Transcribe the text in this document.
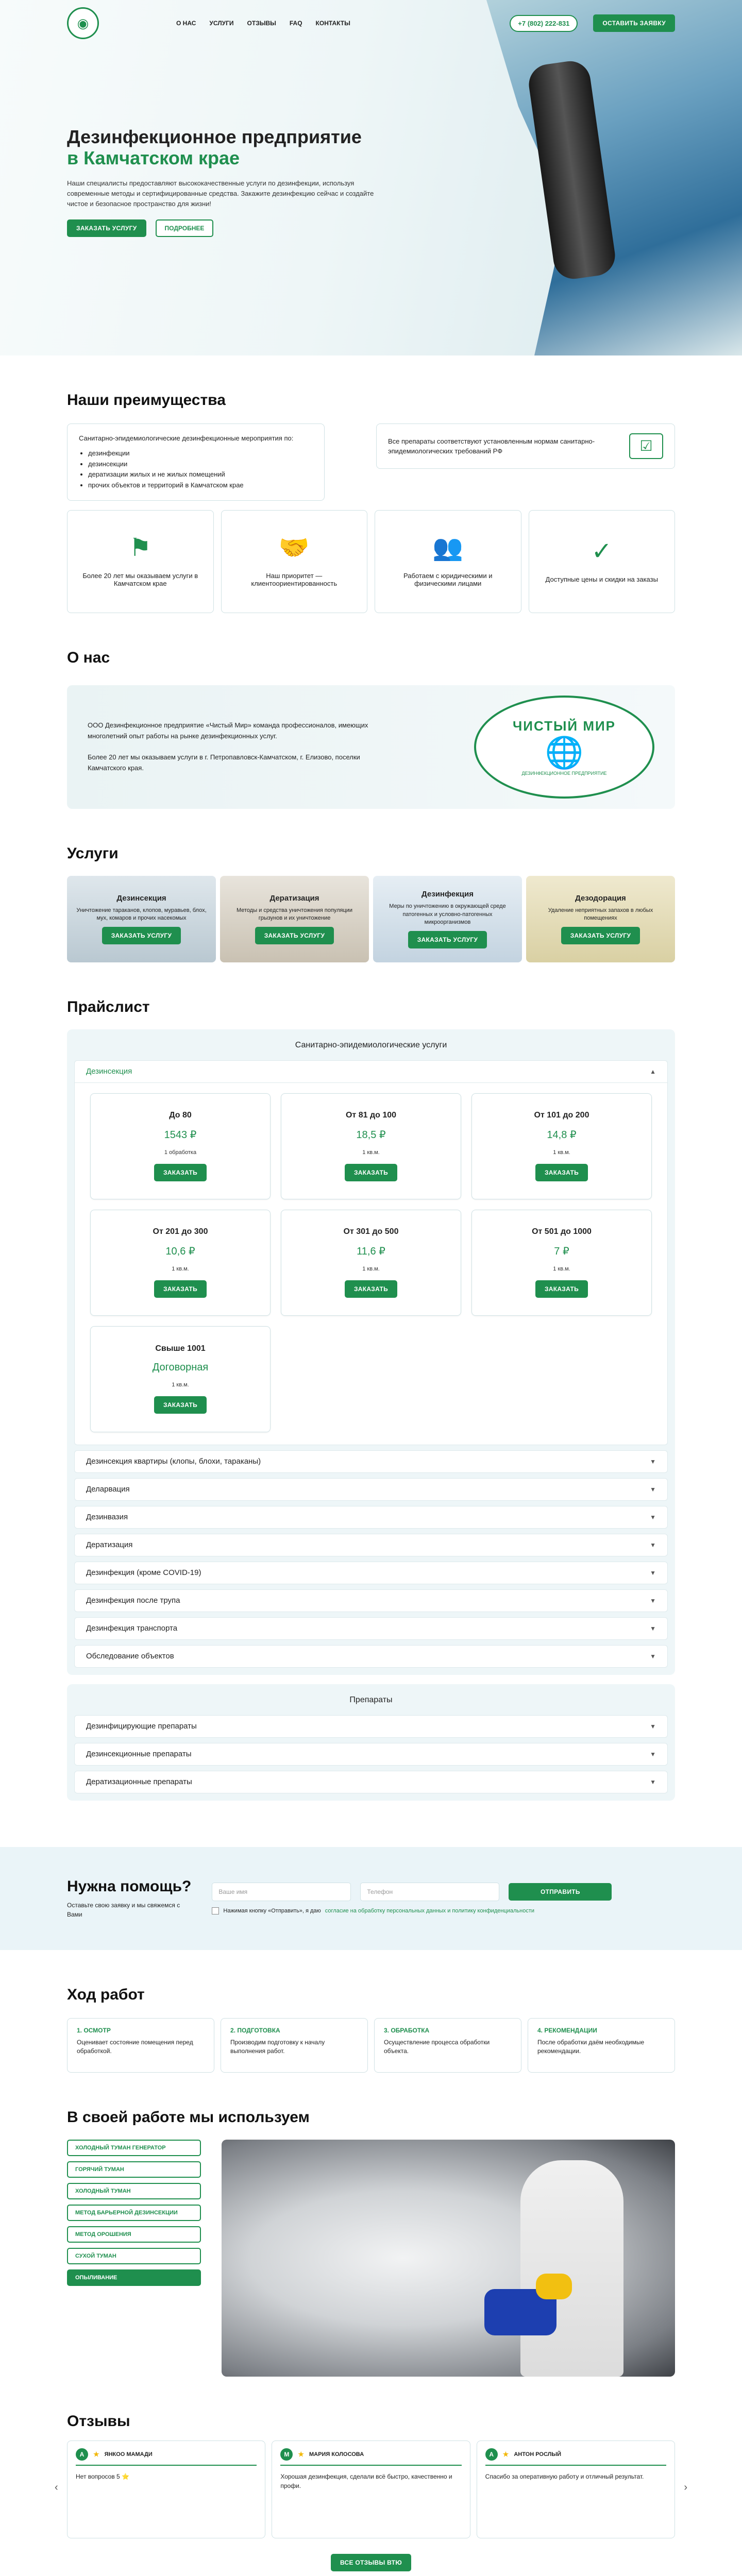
◉	О НАС УСЛУГИ ОТЗЫВЫ FAQ КОНТАКТЫ	+7 (802) 222-831	ОСТАВИТЬ ЗАЯВКУ
Дезинфекционное предприятие
в Камчатском крае

Наши специалисты предоставляют высококачественные услуги по дезинфекции, используя современные методы и сертифицированные средства. Закажите дезинфекцию сейчас и создайте чистое и безопасное пространство для жизни!

ЗАКАЗАТЬ УСЛУГУ	ПОДРОБНЕЕ
Наши преимущества
Санитарно-эпидемиологические дезинфекционные мероприятия по:
• дезинфекции
• дезинсекции
• дератизации жилых и не жилых помещений
• прочих объектов и территорий в Камчатском крае
Все препараты соответствуют установленным нормам санитарно-эпидемиологических требований РФ	☑
⚑
Более 20 лет мы оказываем услуги в Камчатском крае
🤝
Наш приоритет — клиентоориентированность
👥
Работаем с юридическими и физическими лицами
✓
Доступные цены и скидки на заказы
О нас

ООО Дезинфекционное предприятие «Чистый Мир» команда профессионалов, имеющих многолетний опыт работы на рынке дезинфекционных услуг.

Более 20 лет мы оказываем услуги в г. Петропавловск-Камчатском, г. Елизово, поселки Камчатского края.

ЧИСТЫЙ МИР
🌐
ДЕЗИНФЕКЦИОННОЕ ПРЕДПРИЯТИЕ
Услуги
Дезинсекция

Уничтожение тараканов, клопов, муравьев, блох, мух, комаров и прочих насекомых

ЗАКАЗАТЬ УСЛУГУ
Дератизация

Методы и средства уничтожения популяции грызунов и их уничтожение

ЗАКАЗАТЬ УСЛУГУ
Дезинфекция

Меры по уничтожению в окружающей среде патогенных и условно-патогенных микроорганизмов

ЗАКАЗАТЬ УСЛУГУ
Дезодорация

Удаление неприятных запахов в любых помещениях

ЗАКАЗАТЬ УСЛУГУ
Прайслист
Санитарно-эпидемиологические услуги
Дезинсекция	▲
До 80
1543 ₽
1 обработка
ЗАКАЗАТЬ
От 81 до 100
18,5 ₽
1 кв.м.
ЗАКАЗАТЬ
От 101 до 200
14,8 ₽
1 кв.м.
ЗАКАЗАТЬ
От 201 до 300
10,6 ₽
1 кв.м.
ЗАКАЗАТЬ
От 301 до 500
11,6 ₽
1 кв.м.
ЗАКАЗАТЬ
От 501 до 1000
7 ₽
1 кв.м.
ЗАКАЗАТЬ
Свыше 1001
Договорная
1 кв.м.
ЗАКАЗАТЬ
Дезинсекция квартиры (клопы, блохи, тараканы)	▼
Деларвация	▼
Дезинвазия	▼
Дератизация	▼
Дезинфекция (кроме COVID-19)	▼
Дезинфекция после трупа	▼
Дезинфекция транспорта	▼
Обследование объектов	▼
Препараты
Дезинфицирующие препараты	▼
Дезинсекционные препараты	▼
Дератизационные препараты	▼
Нужна помощь?

Оставьте свою заявку и мы свяжемся с Вами

Ваше имя	Телефон	ОТПРАВИТЬ
Нажимая кнопку «Отправить», я даю согласие на обработку персональных данных и политику конфиденциальности
Ход работ
1. ОСМОТР

Оценивает состояние помещения перед обработкой.

2. ПОДГОТОВКА

Производим подготовку к началу выполнения работ.

3. ОБРАБОТКА

Осуществление процесса обработки объекта.

4. РЕКОМЕНДАЦИИ

После обработки даём необходимые рекомендации.

В своей работе мы используем
ХОЛОДНЫЙ ТУМАН ГЕНЕРАТОР
ГОРЯЧИЙ ТУМАН
ХОЛОДНЫЙ ТУМАН
МЕТОД БАРЬЕРНОЙ ДЕЗИНСЕКЦИИ
МЕТОД ОРОШЕНИЯ
СУХОЙ ТУМАН
ОПЫЛИВАНИЕ
Отзывы
‹
А	★ ЯНКОО МАМАДИ

Нет вопросов 5 ⭐

М	★ МАРИЯ КОЛОСОВА

Хорошая дезинфекция, сделали всё быстро, качественно и профи.

А	★ АНТОН РОСЛЫЙ

Спасибо за оперативную работу и отличный результат.

›
ВСЕ ОТЗЫВЫ ВТЮ
